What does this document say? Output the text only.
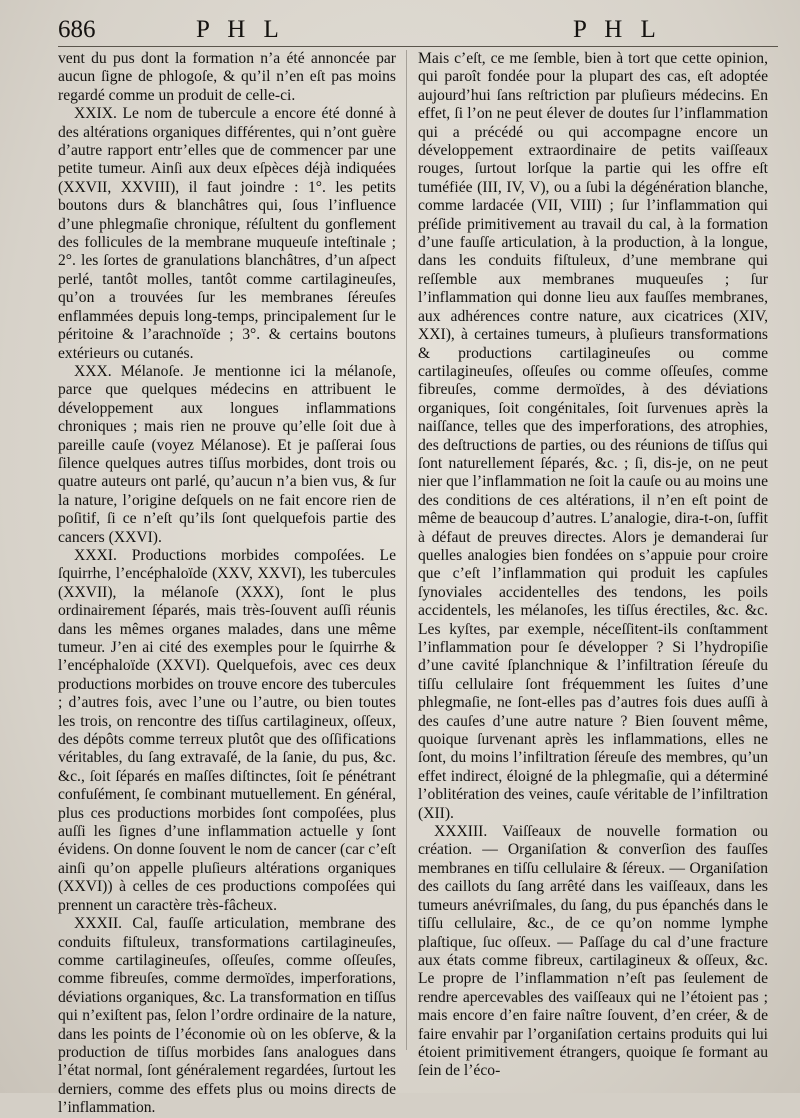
686	P H L	P H L

vent du pus dont la formation n’a été annoncée par aucun ſigne de phlogoſe, & qu’il n’en eſt pas moins regardé comme un produit de celle-ci.

XXIX. Le nom de tubercule a encore été donné à des altérations organiques différentes, qui n’ont guère d’autre rapport entr’elles que de commencer par une petite tumeur. Ainſi aux deux eſpèces déjà indiquées (XXVII, XXVIII), il faut joindre : 1°. les petits boutons durs & blanchâtres qui, ſous l’influence d’une phlegmaſie chronique, réſultent du gonflement des follicules de la membrane muqueuſe inteſtinale ; 2°. les ſortes de granulations blanchâtres, d’un aſpect perlé, tantôt molles, tantôt comme cartilagineuſes, qu’on a trouvées ſur les membranes ſéreuſes enflammées depuis long-temps, principalement ſur le péritoine & l’arachnoïde ; 3°. & certains boutons extérieurs ou cutanés.

XXX. Mélanoſe. Je mentionne ici la mélanoſe, parce que quelques médecins en attribuent le développement aux longues inflammations chroniques ; mais rien ne prouve qu’elle ſoit due à pareille cauſe (voyez Mélanose). Et je paſſerai ſous ſilence quelques autres tiſſus morbides, dont trois ou quatre auteurs ont parlé, qu’aucun n’a bien vus, & ſur la nature, l’origine deſquels on ne fait encore rien de poſitif, ſi ce n’eſt qu’ils ſont quelquefois partie des cancers (XXVI).

XXXI. Productions morbides compoſées. Le ſquirrhe, l’encéphaloïde (XXV, XXVI), les tubercules (XXVII), la mélanoſe (XXX), ſont le plus ordinairement ſéparés, mais très-ſouvent auſſi réunis dans les mêmes organes malades, dans une même tumeur. J’en ai cité des exemples pour le ſquirrhe & l’encéphaloïde (XXVI). Quelquefois, avec ces deux productions morbides on trouve encore des tubercules ; d’autres fois, avec l’une ou l’autre, ou bien toutes les trois, on rencontre des tiſſus cartilagineux, oſſeux, des dépôts comme terreux plutôt que des oſſifications véritables, du ſang extravaſé, de la ſanie, du pus, &c. &c., ſoit ſéparés en maſſes diſtinctes, ſoit ſe pénétrant confuſément, ſe combinant mutuellement. En général, plus ces productions morbides ſont compoſées, plus auſſi les ſignes d’une inflammation actuelle y ſont évidens. On donne ſouvent le nom de cancer (car c’eſt ainſi qu’on appelle pluſieurs altérations organiques (XXVI)) à celles de ces productions compoſées qui prennent un caractère très-fâcheux.

XXXII. Cal, fauſſe articulation, membrane des conduits fiſtuleux, transformations cartilagineuſes, comme cartilagineuſes, oſſeuſes, comme oſſeuſes, comme fibreuſes, comme dermoïdes, imperforations, déviations organiques, &c. La transformation en tiſſus qui n’exiſtent pas, ſelon l’ordre ordinaire de la nature, dans les points de l’économie où on les obſerve, & la production de tiſſus morbides ſans analogues dans l’état normal, ſont généralement regardées, ſurtout les derniers, comme des effets plus ou moins directs de l’inflammation.

Mais c’eſt, ce me ſemble, bien à tort que cette opinion, qui paroît fondée pour la plupart des cas, eſt adoptée aujourd’hui ſans reſtriction par pluſieurs médecins. En effet, ſi l’on ne peut élever de doutes ſur l’inflammation qui a précédé ou qui accompagne encore un développement extraordinaire de petits vaiſſeaux rouges, ſurtout lorſque la partie qui les offre eſt tuméfiée (III, IV, V), ou a ſubi la dégénération blanche, comme lardacée (VII, VIII) ; ſur l’inflammation qui préſide primitivement au travail du cal, à la formation d’une fauſſe articulation, à la production, à la longue, dans les conduits fiſtuleux, d’une membrane qui reſſemble aux membranes muqueuſes ; ſur l’inflammation qui donne lieu aux fauſſes membranes, aux adhérences contre nature, aux cicatrices (XIV, XXI), à certaines tumeurs, à pluſieurs transformations & productions cartilagineuſes ou comme cartilagineuſes, oſſeuſes ou comme oſſeuſes, comme fibreuſes, comme dermoïdes, à des déviations organiques, ſoit congénitales, ſoit ſurvenues après la naiſſance, telles que des imperforations, des atrophies, des deſtructions de parties, ou des réunions de tiſſus qui ſont naturellement ſéparés, &c. ; ſi, dis-je, on ne peut nier que l’inflammation ne ſoit la cauſe ou au moins une des conditions de ces altérations, il n’en eſt point de même de beaucoup d’autres. L’analogie, dira-t-on, ſuffit à défaut de preuves directes. Alors je demanderai ſur quelles analogies bien fondées on s’appuie pour croire que c’eſt l’inflammation qui produit les capſules ſynoviales accidentelles des tendons, les poils accidentels, les mélanoſes, les tiſſus érectiles, &c. &c. Les kyſtes, par exemple, néceſſitent-ils conſtamment l’inflammation pour ſe développer ? Si l’hydropiſie d’une cavité ſplanchnique & l’infiltration ſéreuſe du tiſſu cellulaire ſont fréquemment les ſuites d’une phlegmaſie, ne ſont-elles pas d’autres fois dues auſſi à des cauſes d’une autre nature ? Bien ſouvent même, quoique ſurvenant après les inflammations, elles ne ſont, du moins l’infiltration ſéreuſe des membres, qu’un effet indirect, éloigné de la phlegmaſie, qui a déterminé l’oblitération des veines, cauſe véritable de l’infiltration (XII).

XXXIII. Vaiſſeaux de nouvelle formation ou création. — Organiſation & converſion des fauſſes membranes en tiſſu cellulaire & ſéreux. — Organiſation des caillots du ſang arrêté dans les vaiſſeaux, dans les tumeurs anévriſmales, du ſang, du pus épanchés dans le tiſſu cellulaire, &c., de ce qu’on nomme lymphe plaſtique, ſuc oſſeux. — Paſſage du cal d’une fracture aux états comme fibreux, cartilagineux & oſſeux, &c. Le propre de l’inflammation n’eſt pas ſeulement de rendre apercevables des vaiſſeaux qui ne l’étoient pas ; mais encore d’en faire naître ſouvent, d’en créer, & de faire envahir par l’organiſation certains produits qui lui étoient primitivement étrangers, quoique ſe formant au ſein de l’éco-
